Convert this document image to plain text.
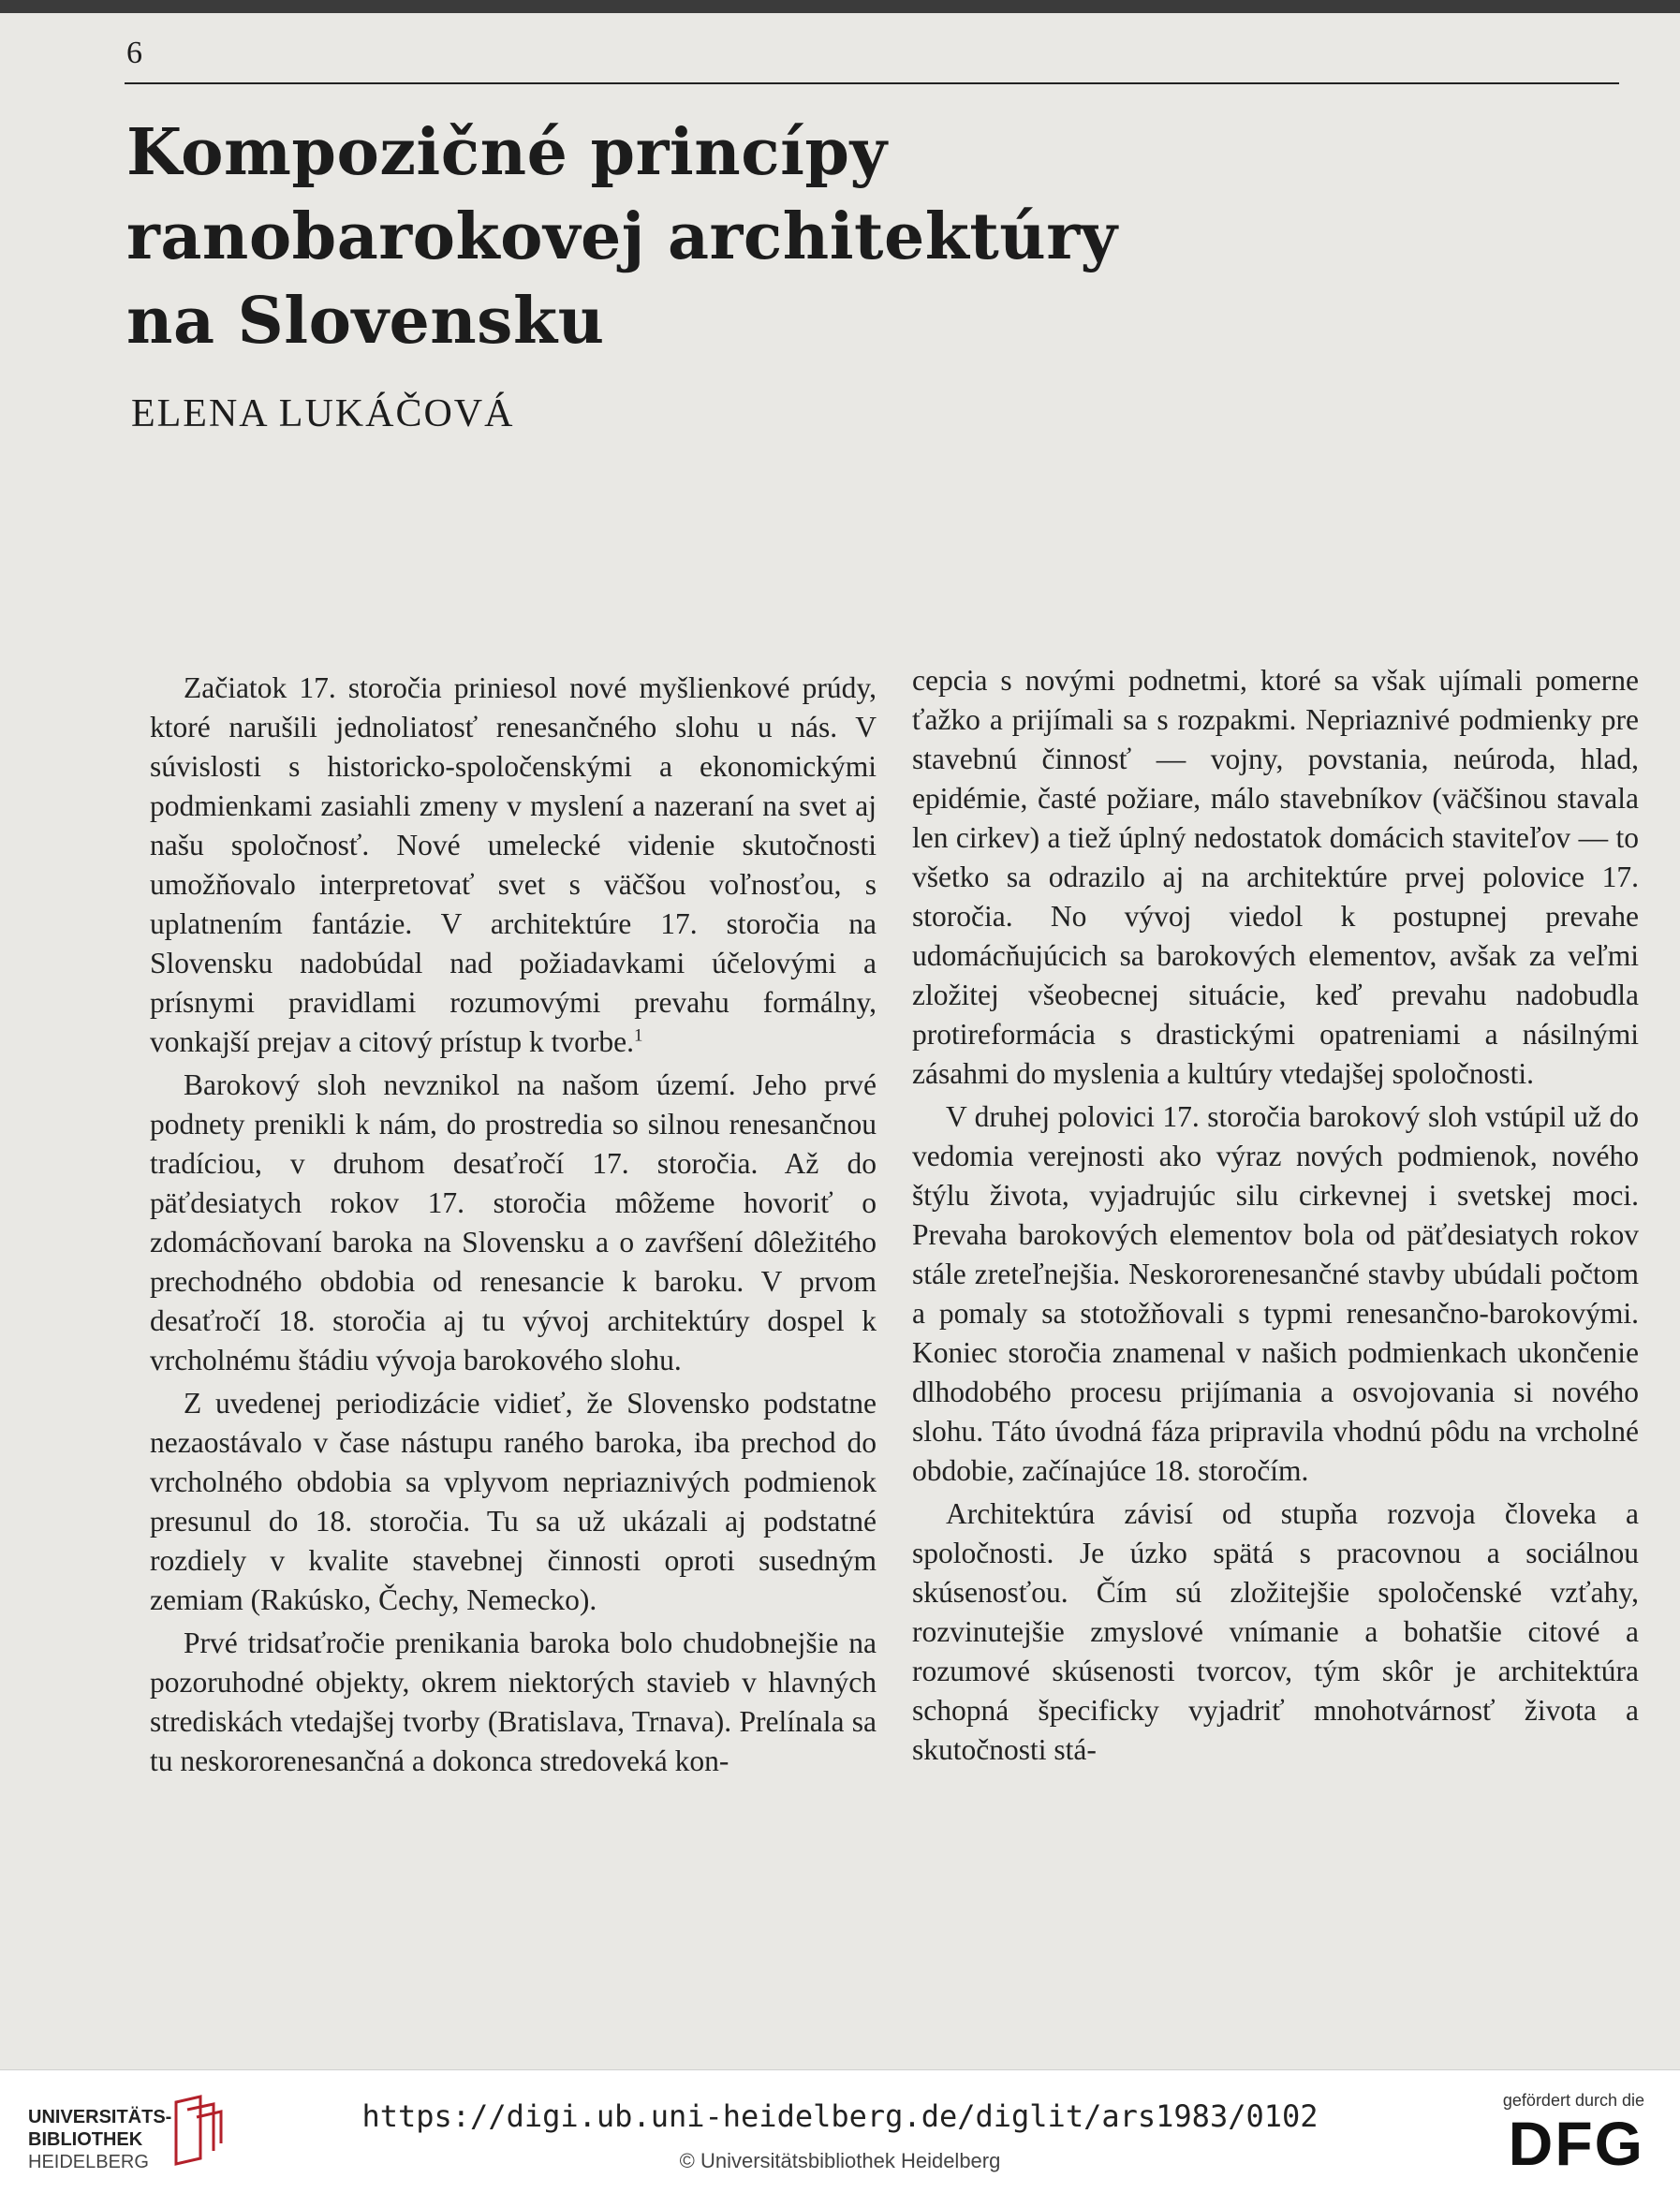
6
Kompozičné princípy
ranobarokovej architektúry
na Slovensku
ELENA LUKÁČOVÁ

Začiatok 17. storočia priniesol nové myšlienkové prúdy, ktoré narušili jednoliatosť renesančného slohu u nás. V súvislosti s historicko-spoločenskými a ekonomickými podmienkami zasiahli zmeny v myslení a nazeraní na svet aj našu spoločnosť. Nové umelecké videnie skutočnosti umožňovalo interpretovať svet s väčšou voľnosťou, s uplatnením fantázie. V architektúre 17. storočia na Slovensku nadobúdal nad požiadavkami účelovými a prísnymi pravidlami rozumovými prevahu formálny, vonkajší prejav a citový prístup k tvorbe.$^1$

Barokový sloh nevznikol na našom území. Jeho prvé podnety prenikli k nám, do prostredia so silnou renesančnou tradíciou, v druhom desaťročí 17. storočia. Až do päťdesiatych rokov 17. storočia môžeme hovoriť o zdomácňovaní baroka na Slovensku a o zavŕšení dôležitého prechodného obdobia od renesancie k baroku. V prvom desaťročí 18. storočia aj tu vývoj architektúry dospel k vrcholnému štádiu vývoja barokového slohu.

Z uvedenej periodizácie vidieť, že Slovensko podstatne nezaostávalo v čase nástupu raného baroka, iba prechod do vrcholného obdobia sa vplyvom nepriaznivých podmienok presunul do 18. storočia. Tu sa už ukázali aj podstatné rozdiely v kvalite stavebnej činnosti oproti susedným zemiam (Rakúsko, Čechy, Nemecko).

Prvé tridsaťročie prenikania baroka bolo chudobnejšie na pozoruhodné objekty, okrem niektorých stavieb v hlavných strediskách vtedajšej tvorby (Bratislava, Trnava). Prelínala sa tu neskororenesančná a dokonca stredoveká kon-

cepcia s novými podnetmi, ktoré sa však ujímali pomerne ťažko a prijímali sa s rozpakmi. Nepriaznivé podmienky pre stavebnú činnosť — vojny, povstania, neúroda, hlad, epidémie, časté požiare, málo stavebníkov (väčšinou stavala len cirkev) a tiež úplný nedostatok domácich staviteľov — to všetko sa odrazilo aj na architektúre prvej polovice 17. storočia. No vývoj viedol k postupnej prevahe udomácňujúcich sa barokových elementov, avšak za veľmi zložitej všeobecnej situácie, keď prevahu nadobudla protireformácia s drastickými opatreniami a násilnými zásahmi do myslenia a kultúry vtedajšej spoločnosti.

V druhej polovici 17. storočia barokový sloh vstúpil už do vedomia verejnosti ako výraz nových podmienok, nového štýlu života, vyjadrujúc silu cirkevnej i svetskej moci. Prevaha barokových elementov bola od päťdesiatych rokov stále zreteľnejšia. Neskororenesančné stavby ubúdali počtom a pomaly sa stotožňovali s typmi renesančno-barokovými. Koniec storočia znamenal v našich podmienkach ukončenie dlhodobého procesu prijímania a osvojovania si nového slohu. Táto úvodná fáza pripravila vhodnú pôdu na vrcholné obdobie, začínajúce 18. storočím.

Architektúra závisí od stupňa rozvoja človeka a spoločnosti. Je úzko spätá s pracovnou a sociálnou skúsenosťou. Čím sú zložitejšie spoločenské vzťahy, rozvinutejšie zmyslové vnímanie a bohatšie citové a rozumové skúsenosti tvorcov, tým skôr je architektúra schopná špecificky vyjadriť mnohotvárnosť života a skutočnosti stá-

UNIVERSITÄTS-
BIBLIOTHEK
HEIDELBERG
https://digi.ub.uni-heidelberg.de/diglit/ars1983/0102
© Universitätsbibliothek Heidelberg
gefördert durch die
DFG
